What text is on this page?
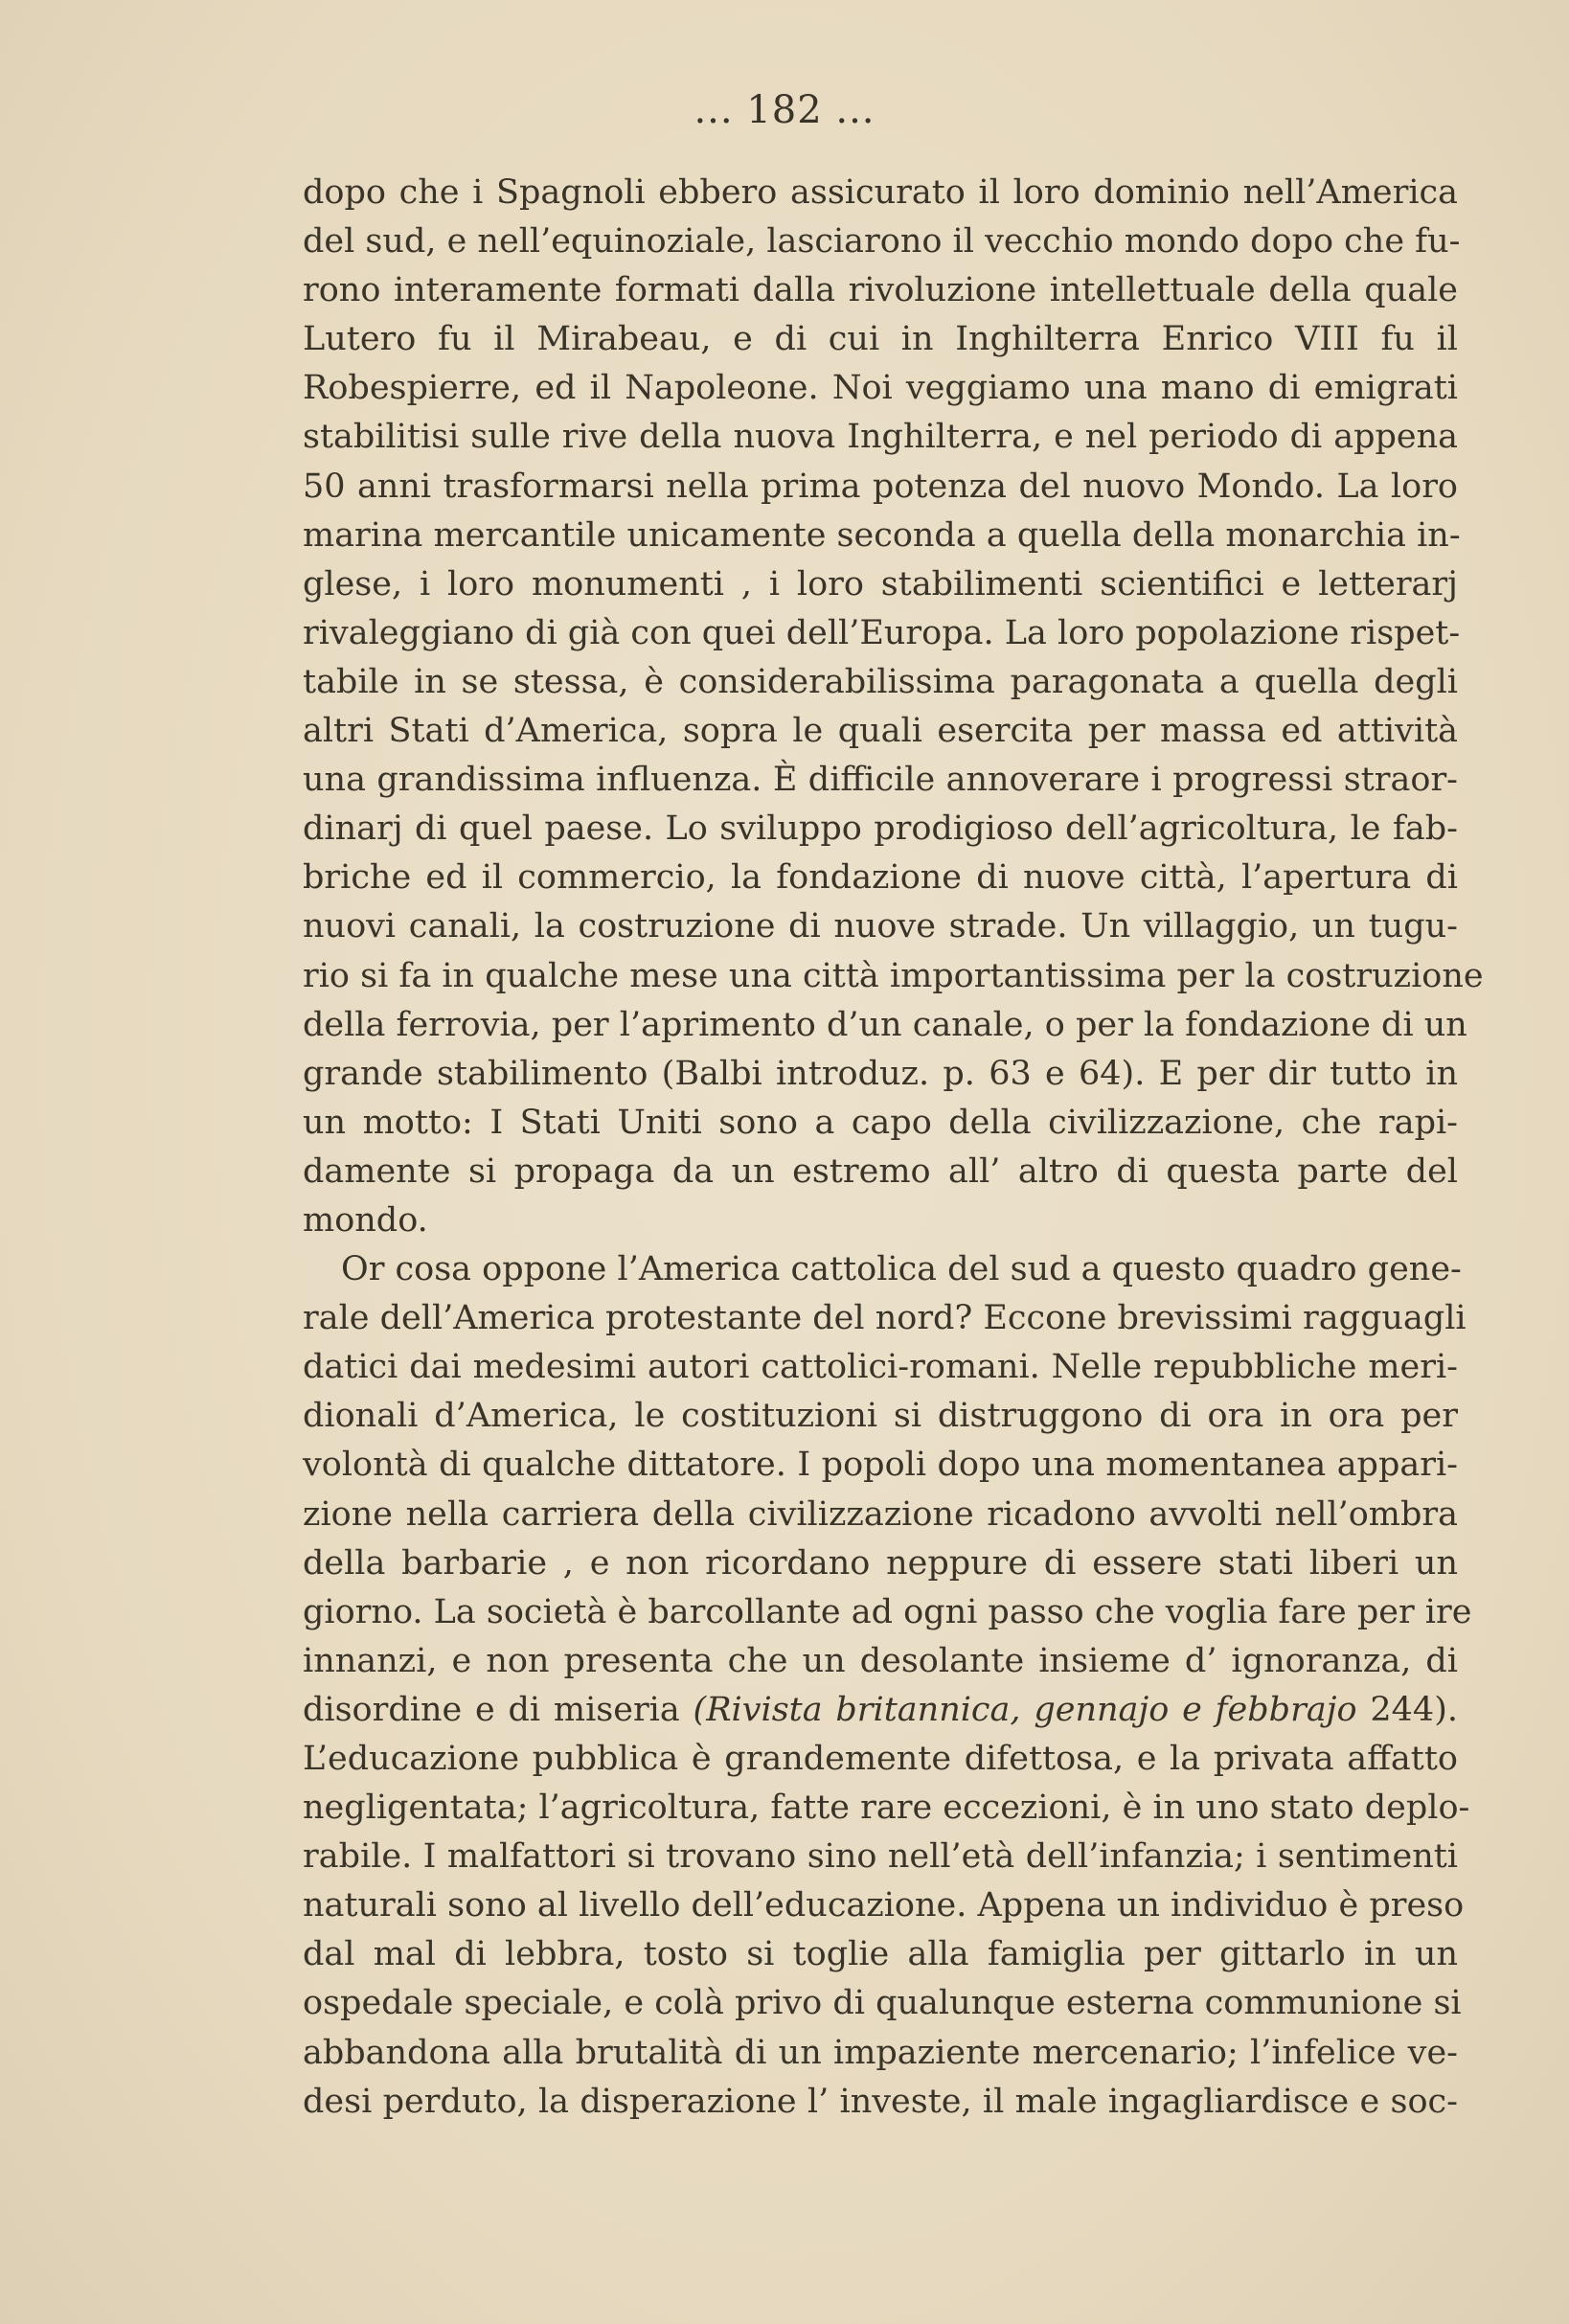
... 182 ...
dopo che i Spagnoli ebbero assicurato il loro dominio nell’America
del sud, e nell’equinoziale, lasciarono il vecchio mondo dopo che fu-
rono interamente formati dalla rivoluzione intellettuale della quale
Lutero fu il Mirabeau, e di cui in Inghilterra Enrico VIII fu il
Robespierre, ed il Napoleone. Noi veggiamo una mano di emigrati
stabilitisi sulle rive della nuova Inghilterra, e nel periodo di appena
50 anni trasformarsi nella prima potenza del nuovo Mondo. La loro
marina mercantile unicamente seconda a quella della monarchia in-
glese, i loro monumenti , i loro stabilimenti scientifici e letterarj
rivaleggiano di già con quei dell’Europa. La loro popolazione rispet-
tabile in se stessa, è considerabilissima paragonata a quella degli
altri Stati d’America, sopra le quali esercita per massa ed attività
una grandissima influenza. È difficile annoverare i progressi straor-
dinarj di quel paese. Lo sviluppo prodigioso dell’agricoltura, le fab-
briche ed il commercio, la fondazione di nuove città, l’apertura di
nuovi canali, la costruzione di nuove strade. Un villaggio, un tugu-
rio si fa in qualche mese una città importantissima per la costruzione
della ferrovia, per l’aprimento d’un canale, o per la fondazione di un
grande stabilimento (Balbi introduz. p. 63 e 64). E per dir tutto in
un motto: I Stati Uniti sono a capo della civilizzazione, che rapi-
damente si propaga da un estremo all’ altro di questa parte del
mondo.
Or cosa oppone l’America cattolica del sud a questo quadro gene-
rale dell’America protestante del nord? Eccone brevissimi ragguagli
datici dai medesimi autori cattolici-romani. Nelle repubbliche meri-
dionali d’America, le costituzioni si distruggono di ora in ora per
volontà di qualche dittatore. I popoli dopo una momentanea appari-
zione nella carriera della civilizzazione ricadono avvolti nell’ombra
della barbarie , e non ricordano neppure di essere stati liberi un
giorno. La società è barcollante ad ogni passo che voglia fare per ire
innanzi, e non presenta che un desolante insieme d’ ignoranza, di
disordine e di miseria (Rivista britannica, gennajo e febbrajo 244).
L’educazione pubblica è grandemente difettosa, e la privata affatto
negligentata; l’agricoltura, fatte rare eccezioni, è in uno stato deplo-
rabile. I malfattori si trovano sino nell’età dell’infanzia; i sentimenti
naturali sono al livello dell’educazione. Appena un individuo è preso
dal mal di lebbra, tosto si toglie alla famiglia per gittarlo in un
ospedale speciale, e colà privo di qualunque esterna communione si
abbandona alla brutalità di un impaziente mercenario; l’infelice ve-
desi perduto, la disperazione l’ investe, il male ingagliardisce e soc-
